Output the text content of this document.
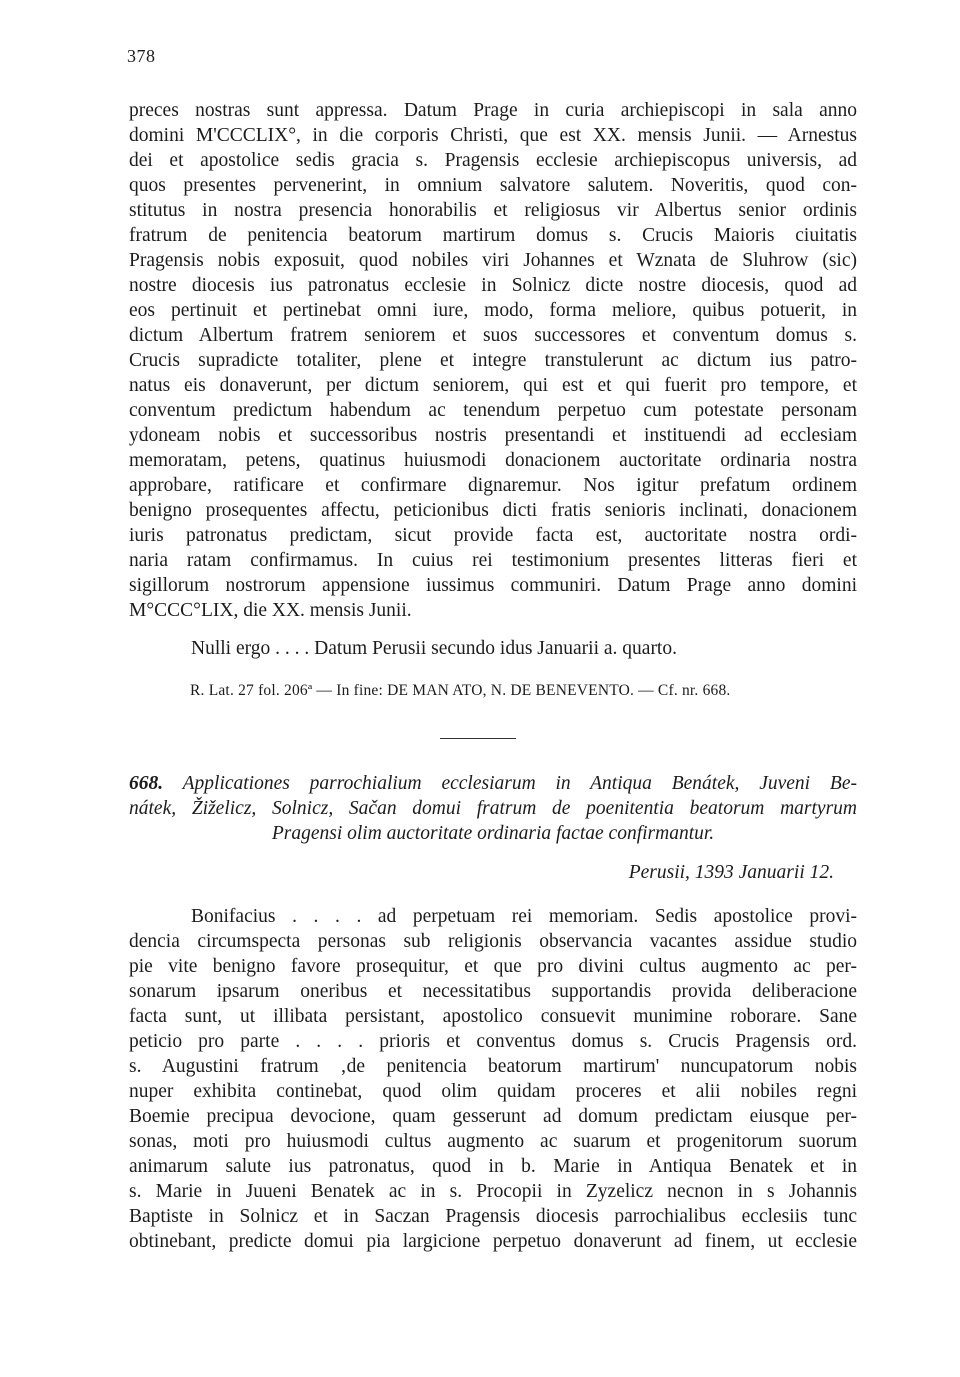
378
preces nostras sunt appressa. Datum Prage in curia archiepiscopi in sala anno
domini M'CCCLIX°, in die corporis Christi, que est XX. mensis Junii. — Arnestus
dei et apostolice sedis gracia s. Pragensis ecclesie archiepiscopus universis, ad
quos presentes pervenerint, in omnium salvatore salutem. Noveritis, quod con-
stitutus in nostra presencia honorabilis et religiosus vir Albertus senior ordinis
fratrum de penitencia beatorum martirum domus s. Crucis Maioris ciuitatis
Pragensis nobis exposuit, quod nobiles viri Johannes et Wznata de Sluhrow (sic)
nostre diocesis ius patronatus ecclesie in Solnicz dicte nostre diocesis, quod ad
eos pertinuit et pertinebat omni iure, modo, forma meliore, quibus potuerit, in
dictum Albertum fratrem seniorem et suos successores et conventum domus s.
Crucis supradicte totaliter, plene et integre transtulerunt ac dictum ius patro-
natus eis donaverunt, per dictum seniorem, qui est et qui fuerit pro tempore, et
conventum predictum habendum ac tenendum perpetuo cum potestate personam
ydoneam nobis et successoribus nostris presentandi et instituendi ad ecclesiam
memoratam, petens, quatinus huiusmodi donacionem auctoritate ordinaria nostra
approbare, ratificare et confirmare dignaremur. Nos igitur prefatum ordinem
benigno prosequentes affectu, peticionibus dicti fratis senioris inclinati, donacionem
iuris patronatus predictam, sicut provide facta est, auctoritate nostra ordi-
naria ratam confirmamus. In cuius rei testimonium presentes litteras fieri et
sigillorum nostrorum appensione iussimus communiri. Datum Prage anno domini
M°CCC°LIX, die XX. mensis Junii.
Nulli ergo . . . . Datum Perusii secundo idus Januarii a. quarto.
R. Lat. 27 fol. 206ª — In fine: DE MAN ATO, N. DE BENEVENTO. — Cf. nr. 668.
668. Applicationes parrochialium ecclesiarum in Antiqua Benátek, Juveni Be-
nátek, Žiželicz, Solnicz, Sačan domui fratrum de poenitentia beatorum martyrum
Pragensi olim auctoritate ordinaria factae confirmantur.
Perusii, 1393 Januarii 12.
Bonifacius . . . . ad perpetuam rei memoriam. Sedis apostolice provi-
dencia circumspecta personas sub religionis observancia vacantes assidue studio
pie vite benigno favore prosequitur, et que pro divini cultus augmento ac per-
sonarum ipsarum oneribus et necessitatibus supportandis provida deliberacione
facta sunt, ut illibata persistant, apostolico consuevit munimine roborare. Sane
peticio pro parte . . . . prioris et conventus domus s. Crucis Pragensis ord.
s. Augustini fratrum ‚de penitencia beatorum martirum' nuncupatorum nobis
nuper exhibita continebat, quod olim quidam proceres et alii nobiles regni
Boemie precipua devocione, quam gesserunt ad domum predictam eiusque per-
sonas, moti pro huiusmodi cultus augmento ac suarum et progenitorum suorum
animarum salute ius patronatus, quod in b. Marie in Antiqua Benatek et in
s. Marie in Juueni Benatek ac in s. Procopii in Zyzelicz necnon in s Johannis
Baptiste in Solnicz et in Saczan Pragensis diocesis parrochialibus ecclesiis tunc
obtinebant, predicte domui pia largicione perpetuo donaverunt ad finem, ut ecclesie
